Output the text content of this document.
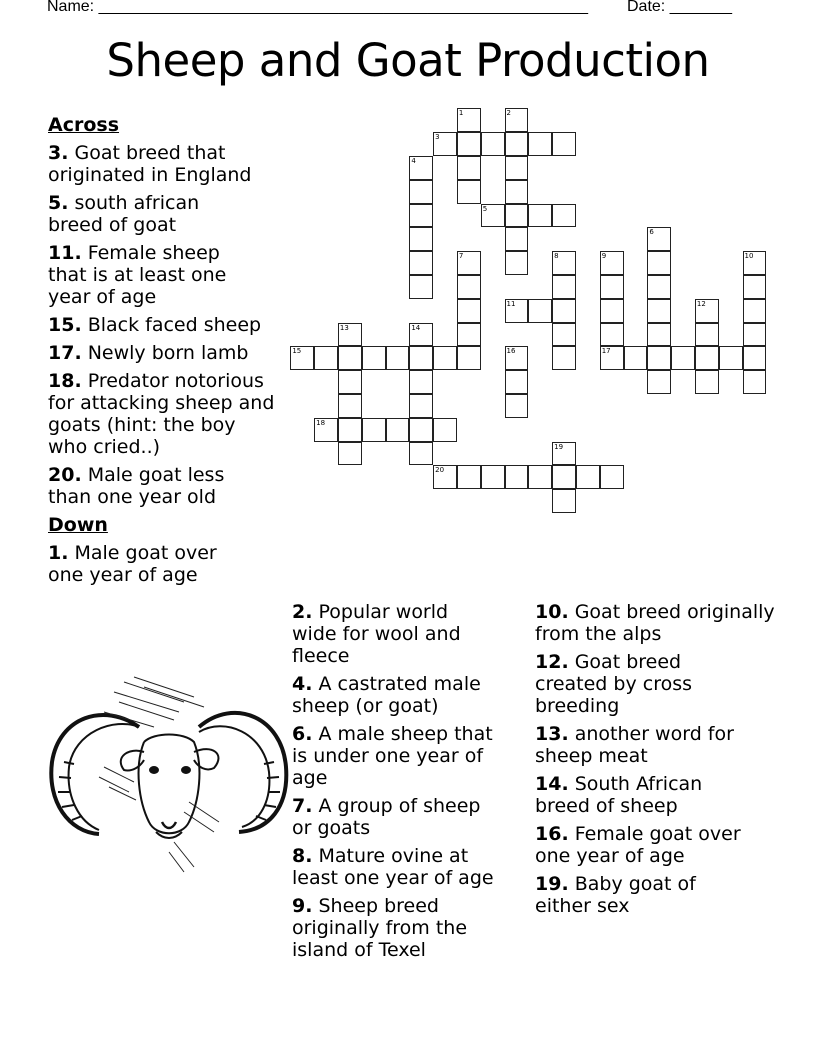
Name: _______________________________________________________ Date: _______
Sheep and Goat Production
Across
3. Goat breed that originated in England
5. south african breed of goat
11. Female sheep that is at least one year of age
15. Black faced sheep
17. Newly born lamb
18. Predator notorious for attacking sheep and goats (hint: the boy who cried..)
20. Male goat less than one year old
Down
1. Male goat over one year of age
2. Popular world wide for wool and fleece
4. A castrated male sheep (or goat)
6. A male sheep that is under one year of age
7. A group of sheep or goats
8. Mature ovine at least one year of age
9. Sheep breed originally from the island of Texel
10. Goat breed originally from the alps
12. Goat breed created by cross breeding
13. another word for sheep meat
14. South African breed of sheep
16. Female goat over one year of age
19. Baby goat of either sex
1	2
3
4
5
6
7	8	9
17
10
11	12
13	14
15	16
18
19
20
